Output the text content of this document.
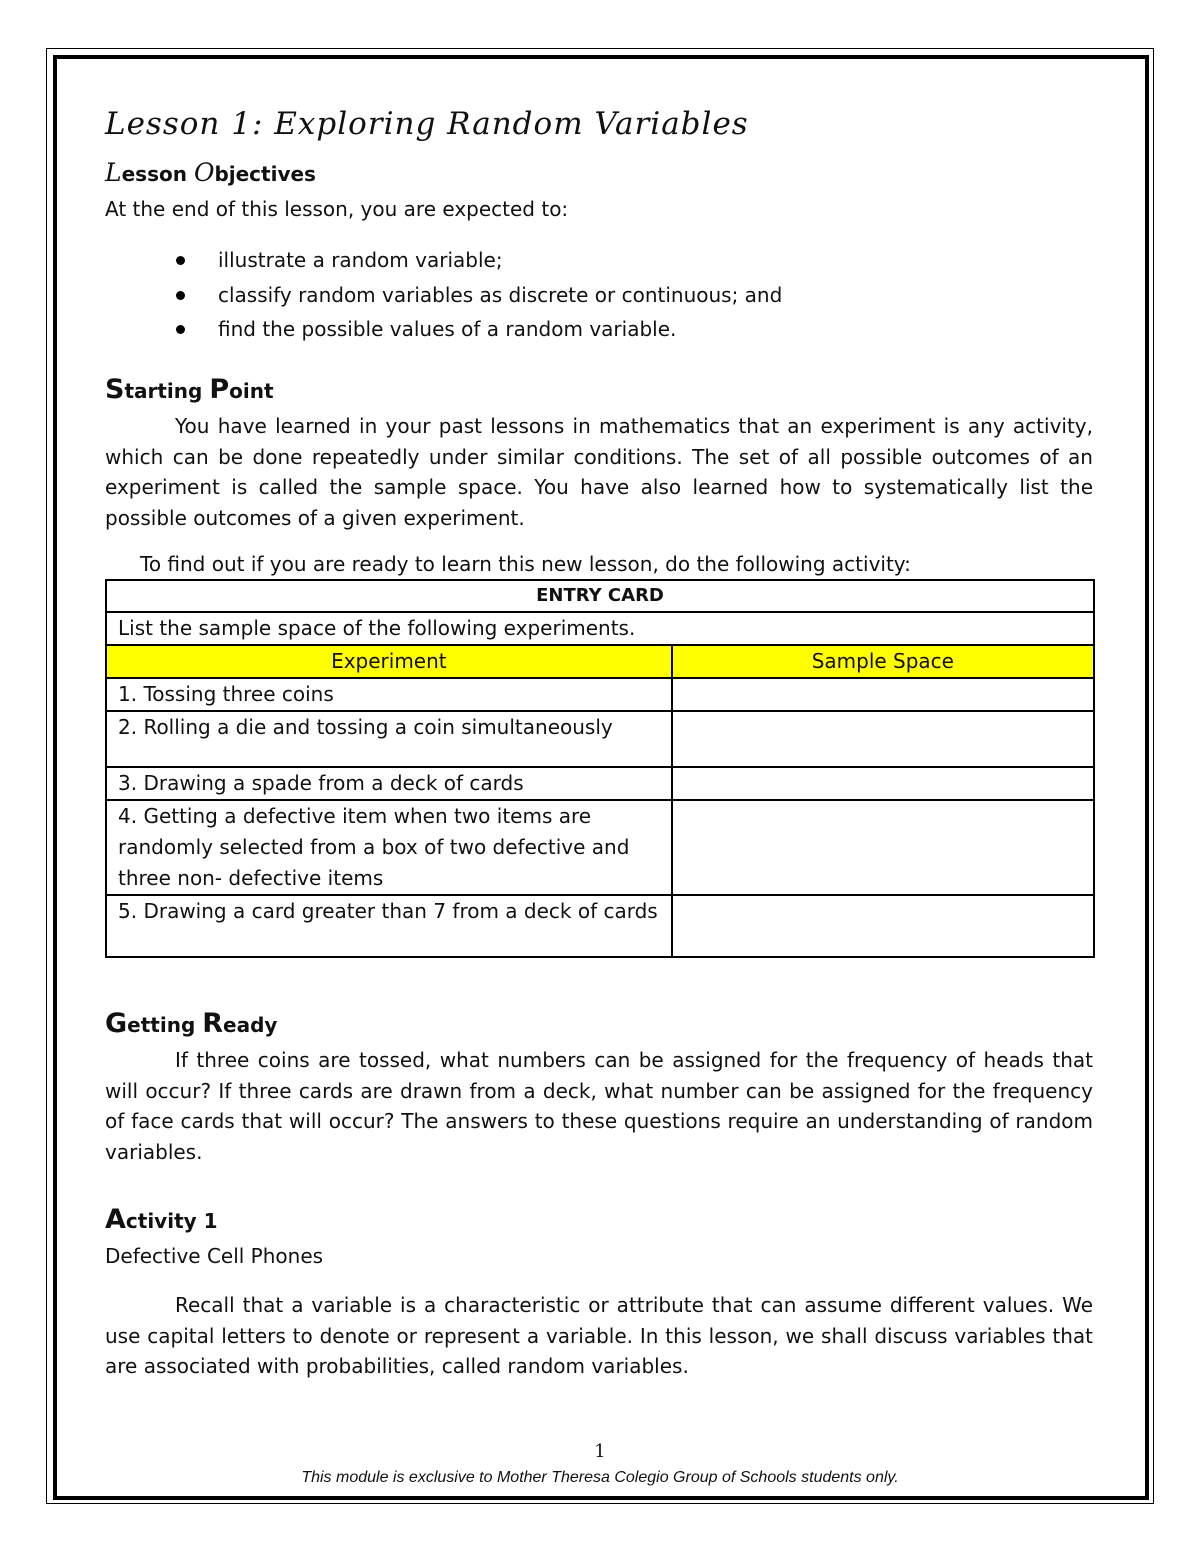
Lesson 1: Exploring Random Variables
Lesson Objectives
At the end of this lesson, you are expected to:
illustrate a random variable;
classify random variables as discrete or continuous; and
find the possible values of a random variable.
Starting Point
You have learned in your past lessons in mathematics that an experiment is any activity, which can be done repeatedly under similar conditions. The set of all possible outcomes of an experiment is called the sample space. You have also learned how to systematically list the possible outcomes of a given experiment.
To find out if you are ready to learn this new lesson, do the following activity:
ENTRY CARD	
List the sample space of the following experiments.	
Experiment	Sample Space
1. Tossing three coins	
2. Rolling a die and tossing a coin simultaneously	
3. Drawing a spade from a deck of cards	
4. Getting a defective item when two items are randomly selected from a box of two defective and three non- defective items	
5. Drawing a card greater than 7 from a deck of cards	
Getting Ready
If three coins are tossed, what numbers can be assigned for the frequency of heads that will occur? If three cards are drawn from a deck, what number can be assigned for the frequency of face cards that will occur? The answers to these questions require an understanding of random variables.
Activity 1
Defective Cell Phones
Recall that a variable is a characteristic or attribute that can assume different values. We use capital letters to denote or represent a variable. In this lesson, we shall discuss variables that are associated with probabilities, called random variables.
1
This module is exclusive to Mother Theresa Colegio Group of Schools students only.
